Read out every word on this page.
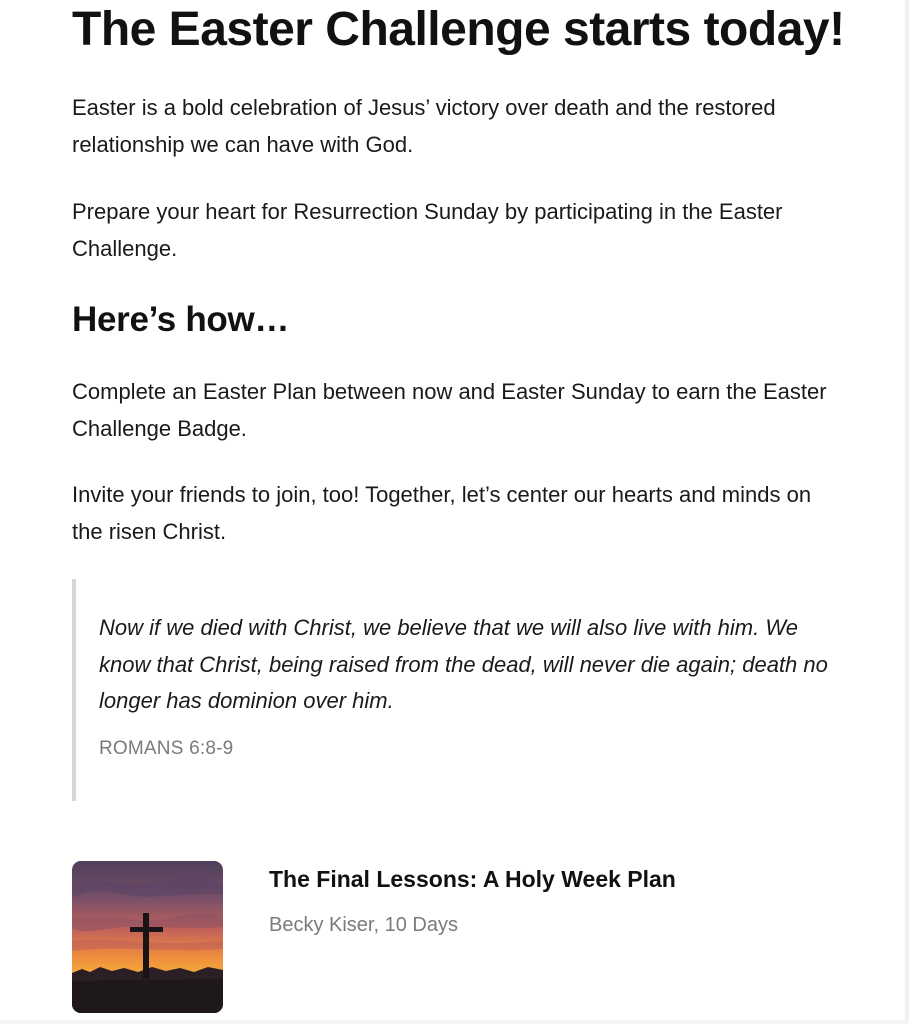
The Easter Challenge starts today!

Easter is a bold celebration of Jesus’ victory over death and the restored relationship we can have with God.

Prepare your heart for Resurrection Sunday by participating in the Easter Challenge.

Here’s how…

Complete an Easter Plan between now and Easter Sunday to earn the Easter Challenge Badge.

Invite your friends to join, too! Together, let’s center our hearts and minds on the risen Christ.

Now if we died with Christ, we believe that we will also live with him. We know that Christ, being raised from the dead, will never die again; death no longer has dominion over him.

ROMANS 6:8-9
The Final Lessons: A Holy Week Plan
Becky Kiser, 10 Days
